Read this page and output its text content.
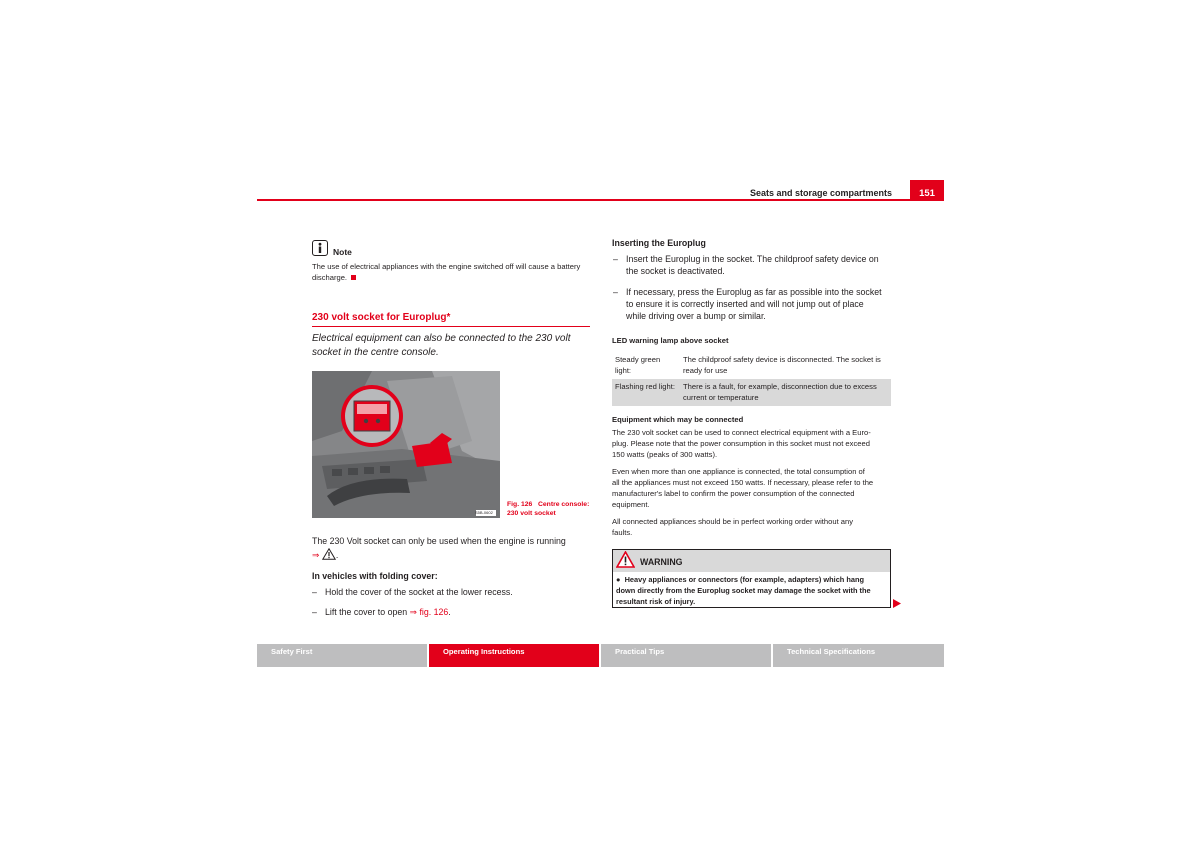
Seats and storage compartments	151
Note
The use of electrical appliances with the engine switched off will cause a battery discharge.
230 volt socket for Europlug*
Electrical equipment can also be connected to the 230 volt
socket in the centre console.
S5B-0602
Fig. 126 Centre console:
230 volt socket
The 230 Volt socket can only be used when the engine is running
⇒ .
In vehicles with folding cover:
– Hold the cover of the socket at the lower recess.
– Lift the cover to open ⇒ fig. 126.
Inserting the Europlug
– Insert the Europlug in the socket. The childproof safety device on
the socket is deactivated.
– If necessary, press the Europlug as far as possible into the socket
to ensure it is correctly inserted and will not jump out of place
while driving over a bump or similar.
LED warning lamp above socket
Steady green light:	The childproof safety device is disconnected. The socket is ready for use
Flashing red light:	There is a fault, for example, disconnection due to excess current or temperature
Equipment which may be connected
The 230 volt socket can be used to connect electrical equipment with a Euro-
plug. Please note that the power consumption in this socket must not exceed
150 watts (peaks of 300 watts).
Even when more than one appliance is connected, the total consumption of
all the appliances must not exceed 150 watts. If necessary, please refer to the
manufacturer's label to confirm the power consumption of the connected
equipment.
All connected appliances should be in perfect working order without any
faults.
WARNING
●  Heavy appliances or connectors (for example, adapters) which hang
down directly from the Europlug socket may damage the socket with the
resultant risk of injury.
Safety First	Operating Instructions	Practical Tips	Technical Specifications
